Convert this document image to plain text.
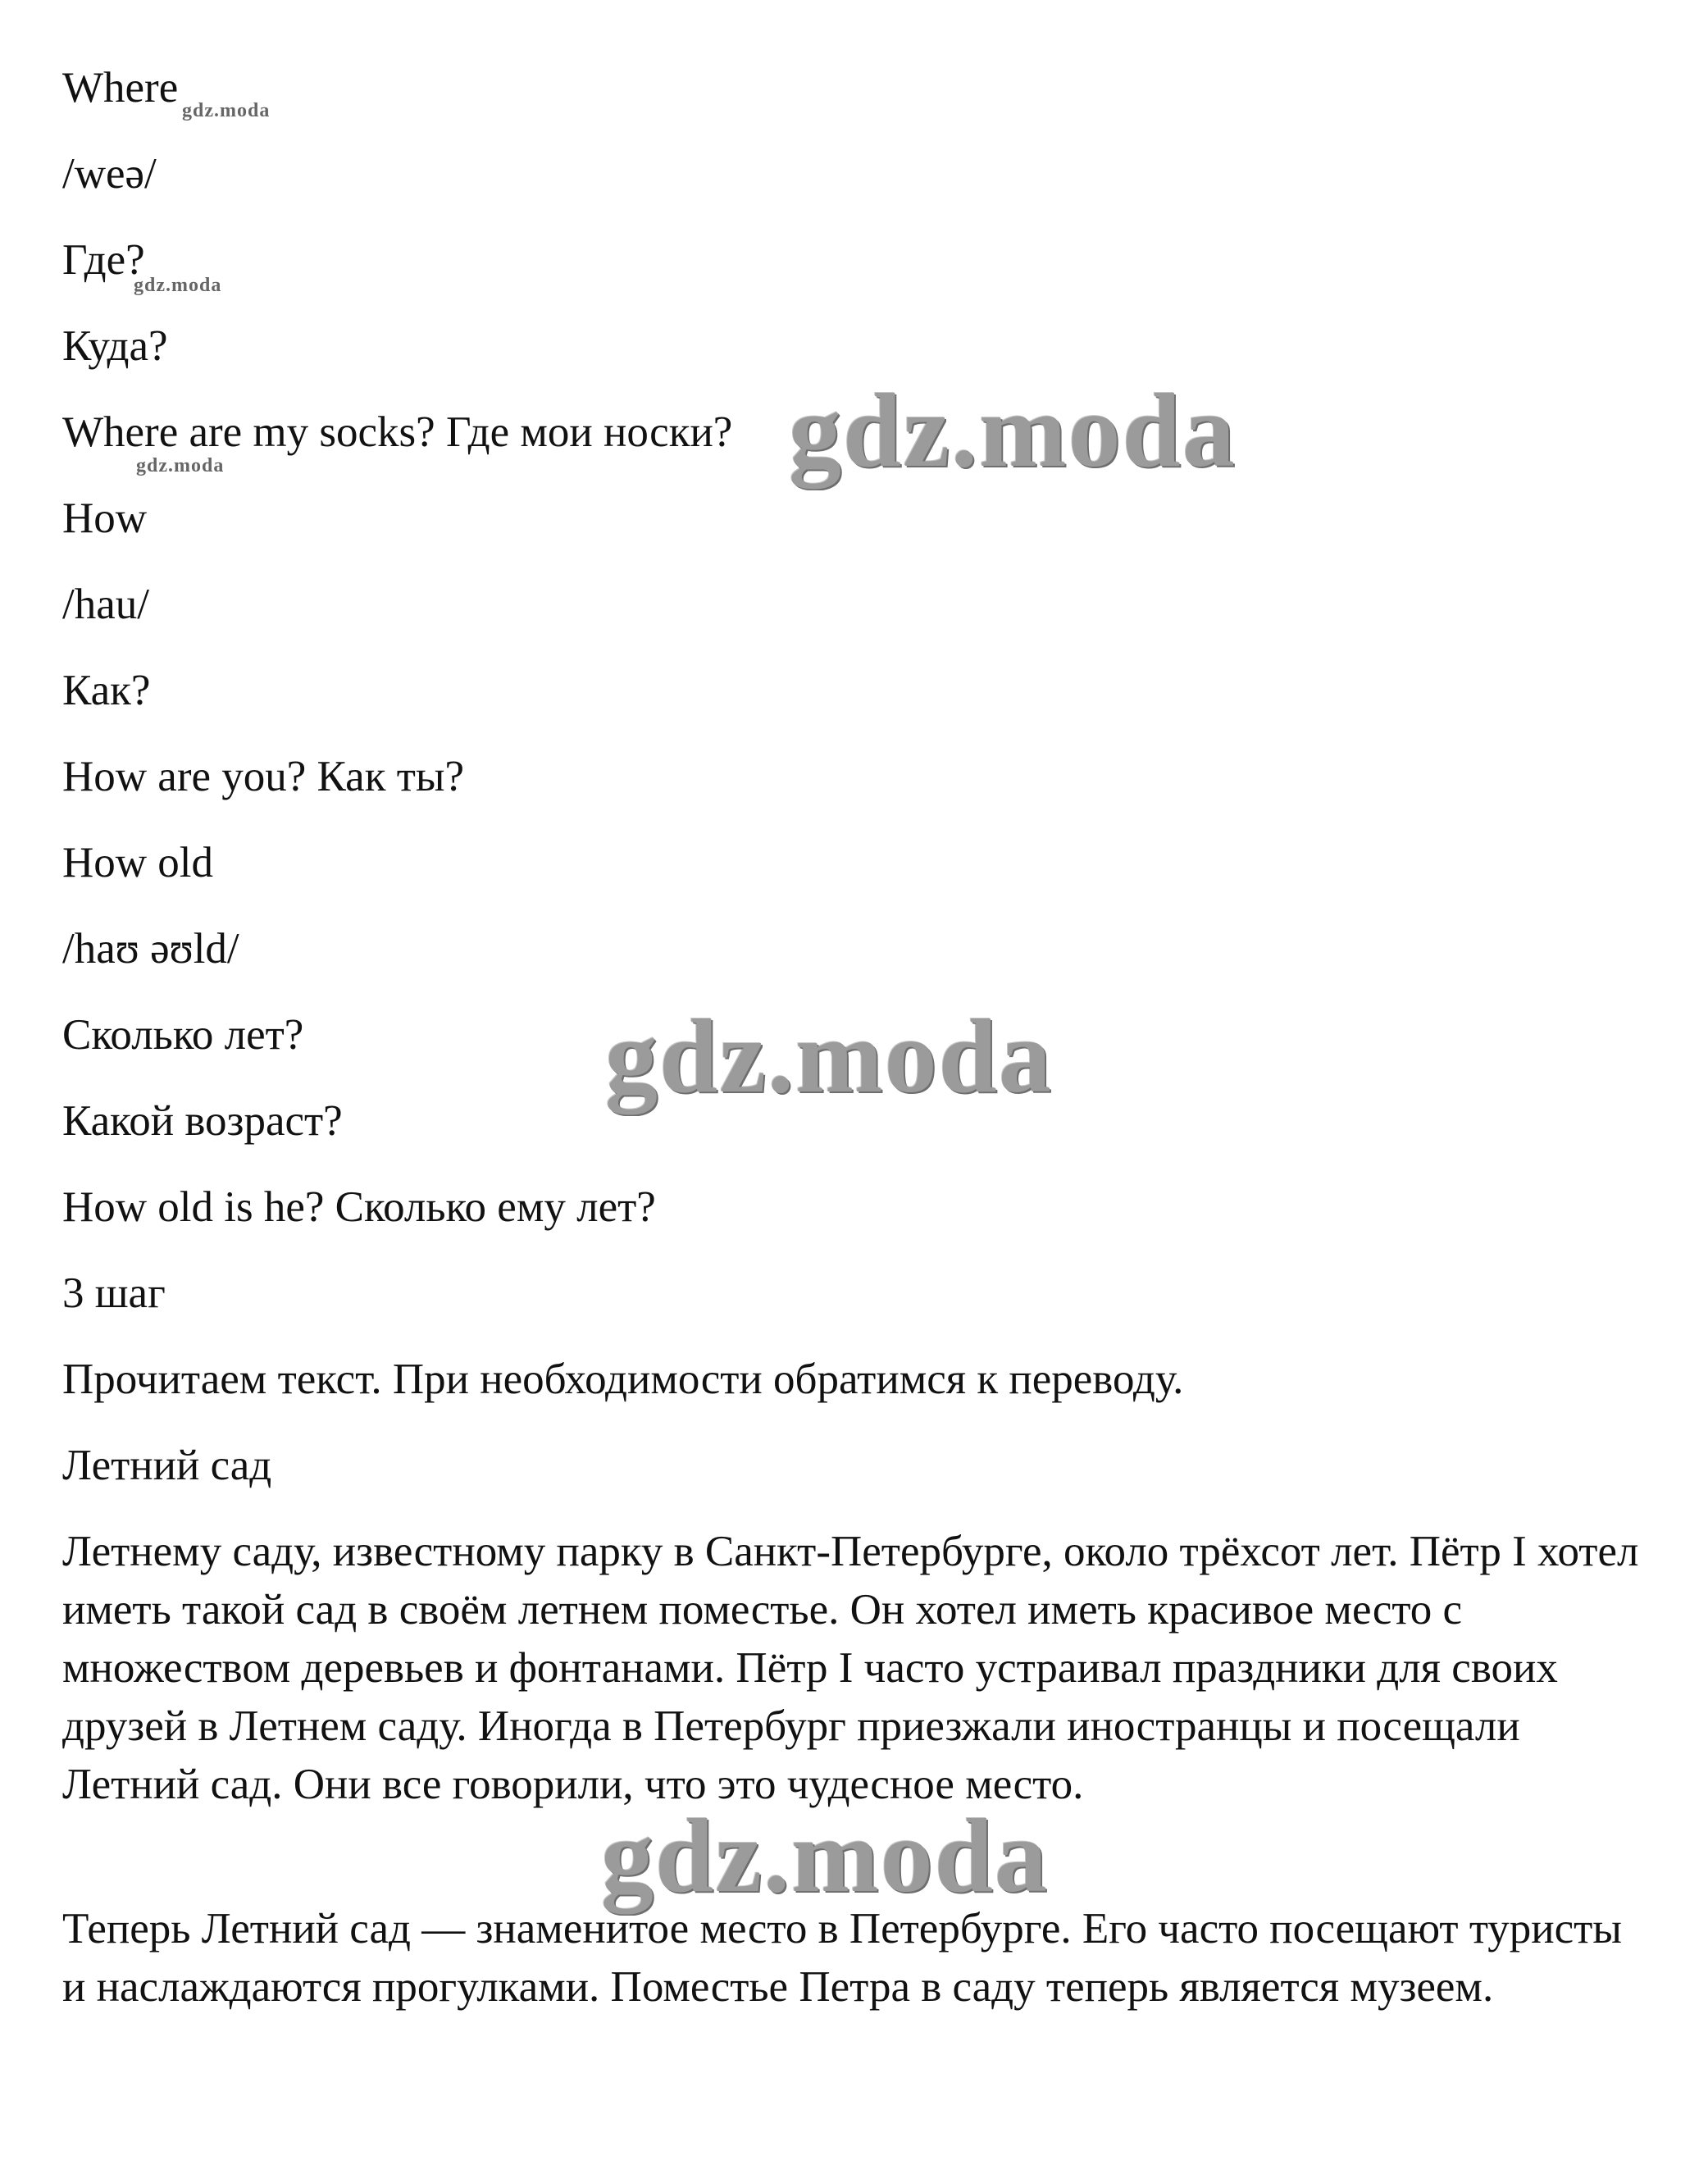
Where

/weə/

Где?

Куда?

Where are my socks? Где мои носки?

How

/hau/

Как?

How are you? Как ты?

How old

/haʊ əʊld/

Сколько лет?

Какой возраст?

How old is he? Сколько ему лет?

3 шаг

Прочитаем текст. При необходимости обратимся к переводу.

Летний сад

Летнему саду, известному парку в Санкт-Петербурге, около трёхсот лет. Пётр I хотел иметь такой сад в своём летнем поместье. Он хотел иметь красивое место с множеством деревьев и фонтанами. Пётр I часто устраивал праздники для своих друзей в Летнем саду. Иногда в Петербург приезжали иностранцы и посещали Летний сад. Они все говорили, что это чудесное место.

Теперь Летний сад — знаменитое место в Петербурге. Его часто посещают туристы и наслаждаются прогулками. Поместье Петра в саду теперь является музеем.

gdz.moda
gdz.moda
gdz.moda	gdz.moda
gdz.moda
gdz.moda
